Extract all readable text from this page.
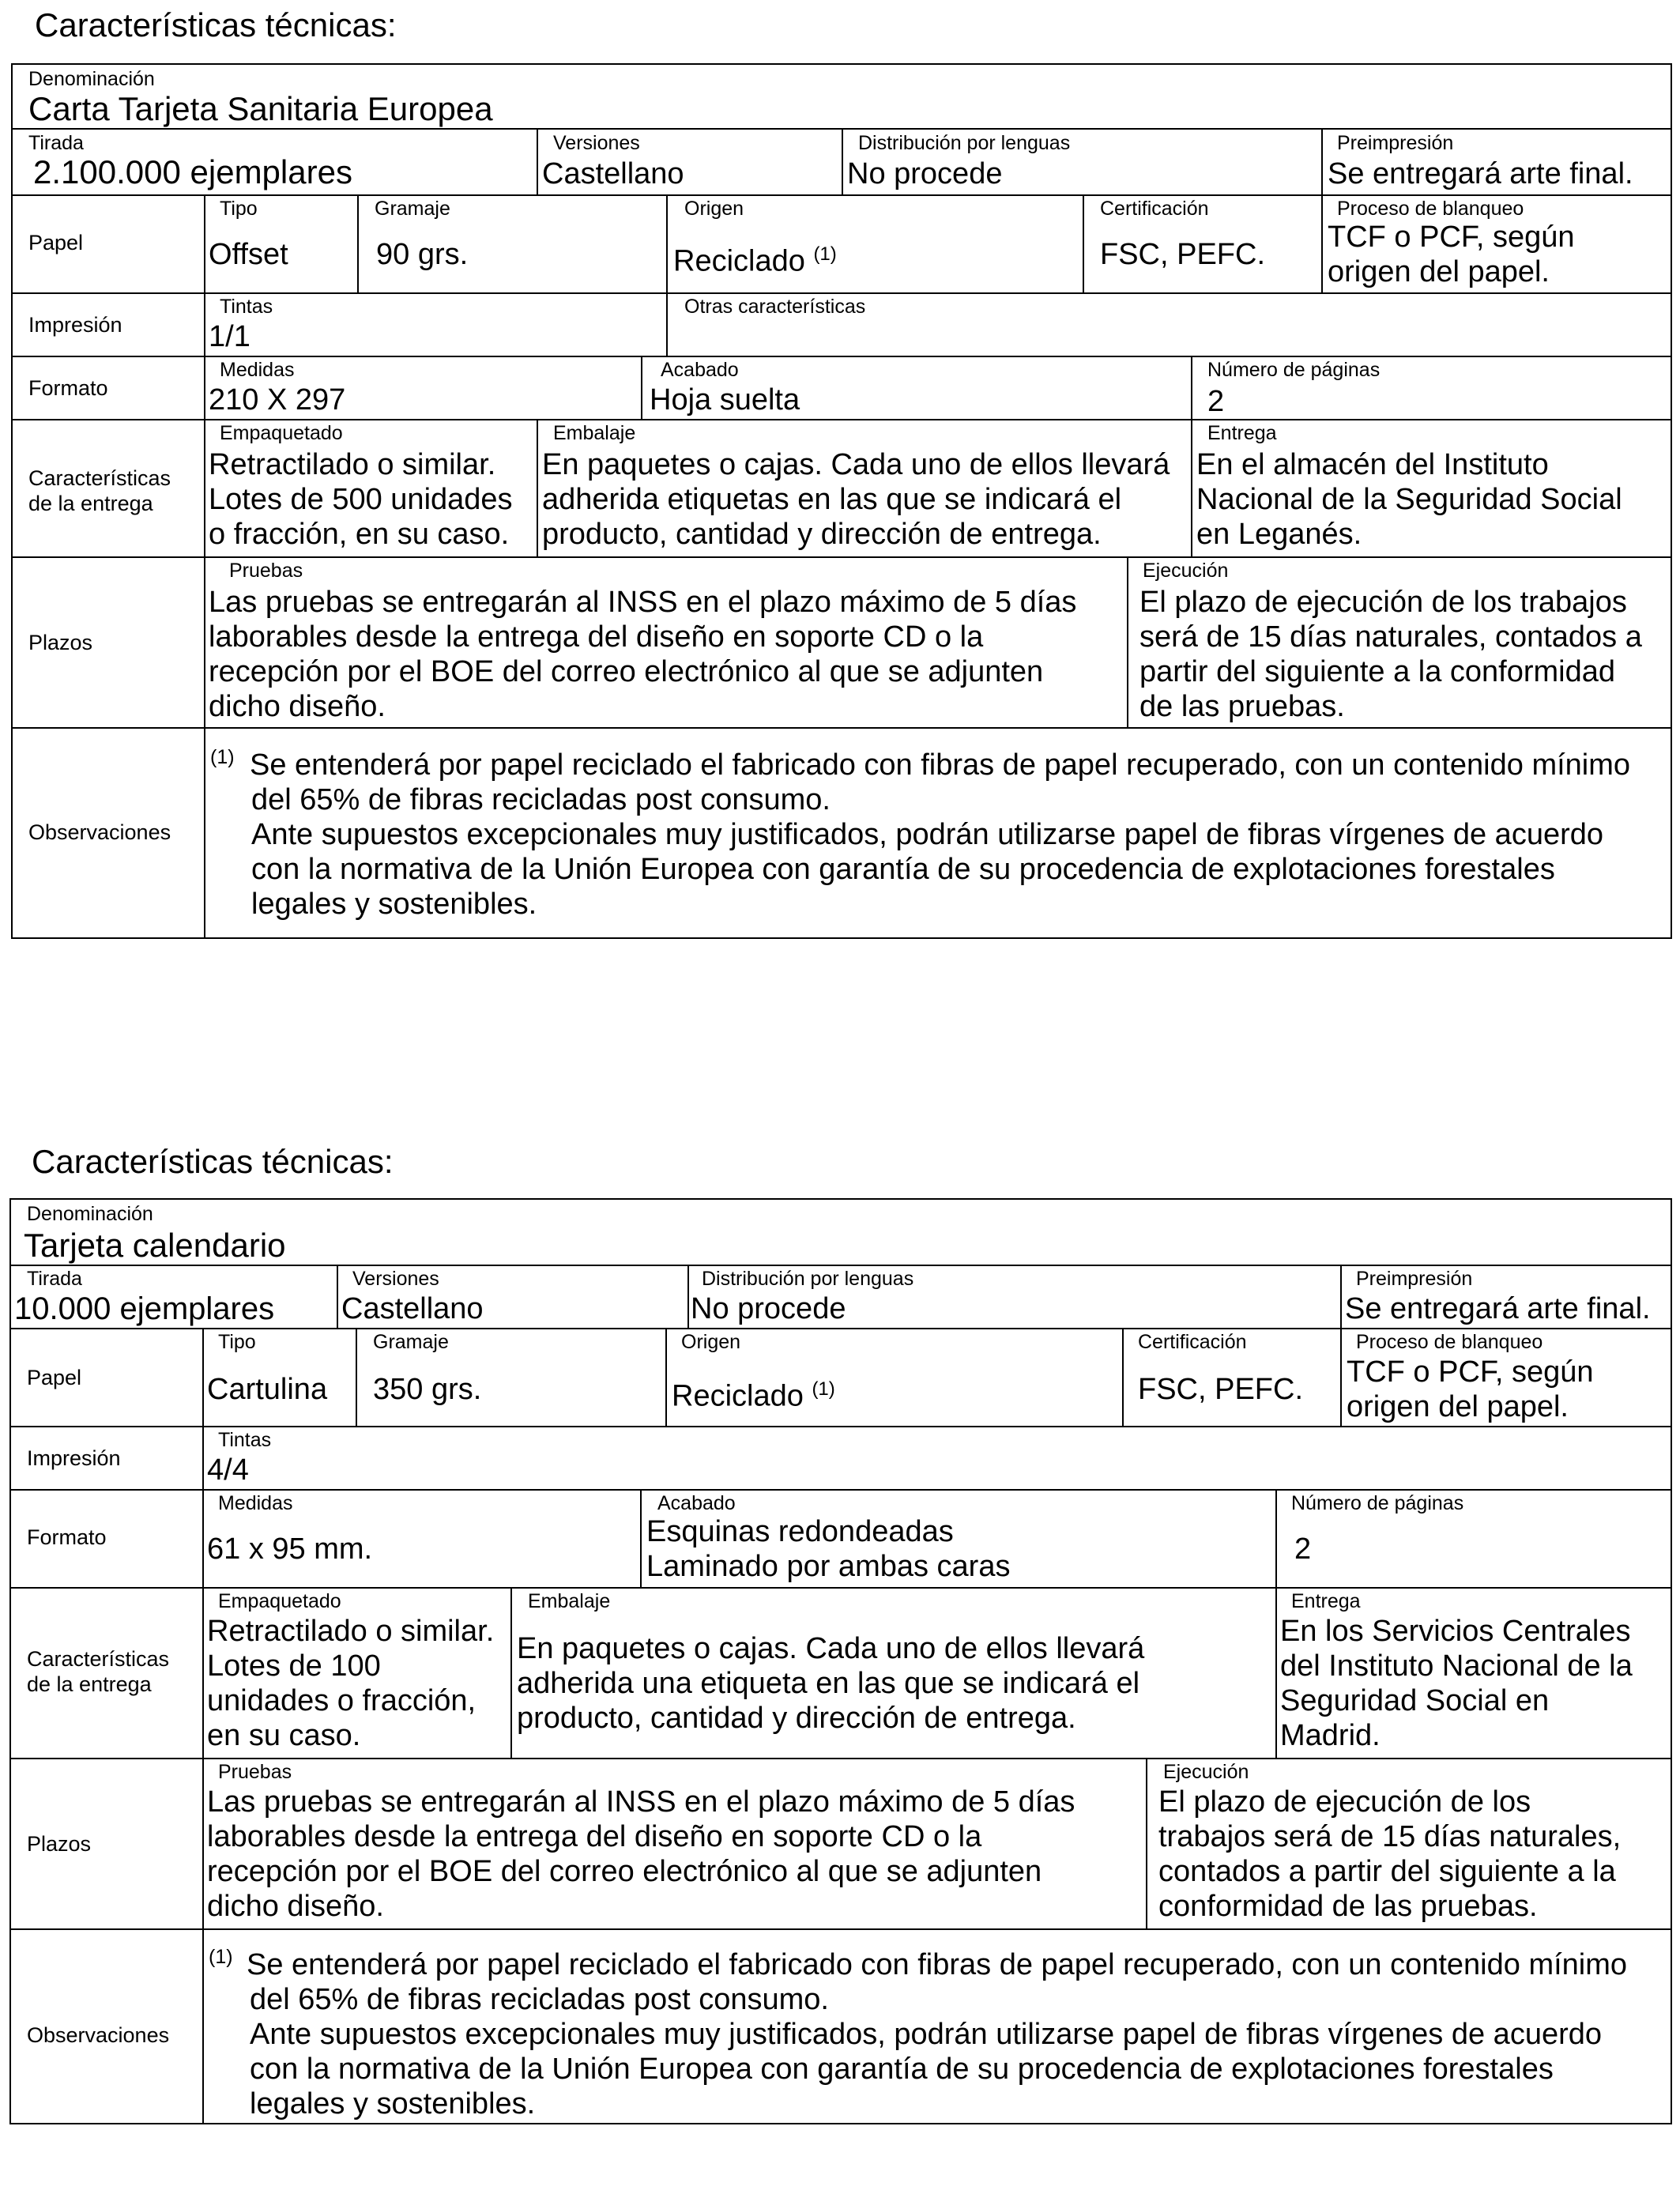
Características técnicas:
Denominación
Carta Tarjeta Sanitaria Europea
Tirada
2.100.000 ejemplares
Versiones
Castellano
Distribución por lenguas
No procede
Preimpresión
Se entregará arte final.
Papel
Tipo
Offset
Gramaje
90 grs.
Origen
Reciclado $^{(1)}$
Certificación
FSC, PEFC.
Proceso de blanqueo
TCF o PCF, según
origen del papel.
Impresión
Tintas
1/1
Otras características
Formato
Medidas
210 X 297
Acabado
Hoja suelta
Número de páginas
2
Características
de la entrega
Empaquetado
Retractilado o similar.
Lotes de 500 unidades
o fracción, en su caso.
Embalaje
En paquetes o cajas. Cada uno de ellos llevará
adherida etiquetas en las que se indicará el
producto, cantidad y dirección de entrega.
Entrega
En el almacén del Instituto
Nacional de la Seguridad Social
en Leganés.
Plazos
Pruebas
Las pruebas se entregarán al INSS en el plazo máximo de 5 días
laborables desde la entrega del diseño en soporte CD o la
recepción por el BOE del correo electrónico al que se adjunten
dicho diseño.
Ejecución
El plazo de ejecución de los trabajos
será de 15 días naturales, contados a
partir del siguiente a la conformidad
de las pruebas.
Observaciones
(1) Se entenderá por papel reciclado el fabricado con fibras de papel recuperado, con un contenido mínimo
del 65% de fibras recicladas post consumo.
Ante supuestos excepcionales muy justificados, podrán utilizarse papel de fibras vírgenes de acuerdo
con la normativa de la Unión Europea con garantía de su procedencia de explotaciones forestales
legales y sostenibles.
Características técnicas:
Denominación
Tarjeta calendario
Tirada
10.000 ejemplares
Versiones
Castellano
Distribución por lenguas
No procede
Preimpresión
Se entregará arte final.
Papel
Tipo
Cartulina
Gramaje
350 grs.
Origen
Reciclado $^{(1)}$
Certificación
FSC, PEFC.
Proceso de blanqueo
TCF o PCF, según
origen del papel.
Impresión
Tintas
4/4
Formato
Medidas
61 x 95 mm.
Acabado
Esquinas redondeadas
Laminado por ambas caras
Número de páginas
2
Características
de la entrega
Empaquetado
Retractilado o similar.
Lotes de 100
unidades o fracción,
en su caso.
Embalaje
En paquetes o cajas. Cada uno de ellos llevará
adherida una etiqueta en las que se indicará el
producto, cantidad y dirección de entrega.
Entrega
En los Servicios Centrales
del Instituto Nacional de la
Seguridad Social en
Madrid.
Plazos
Pruebas
Las pruebas se entregarán al INSS en el plazo máximo de 5 días
laborables desde la entrega del diseño en soporte CD o la
recepción por el BOE del correo electrónico al que se adjunten
dicho diseño.
Ejecución
El plazo de ejecución de los
trabajos será de 15 días naturales,
contados a partir del siguiente a la
conformidad de las pruebas.
Observaciones
(1) Se entenderá por papel reciclado el fabricado con fibras de papel recuperado, con un contenido mínimo
del 65% de fibras recicladas post consumo.
Ante supuestos excepcionales muy justificados, podrán utilizarse papel de fibras vírgenes de acuerdo
con la normativa de la Unión Europea con garantía de su procedencia de explotaciones forestales
legales y sostenibles.
